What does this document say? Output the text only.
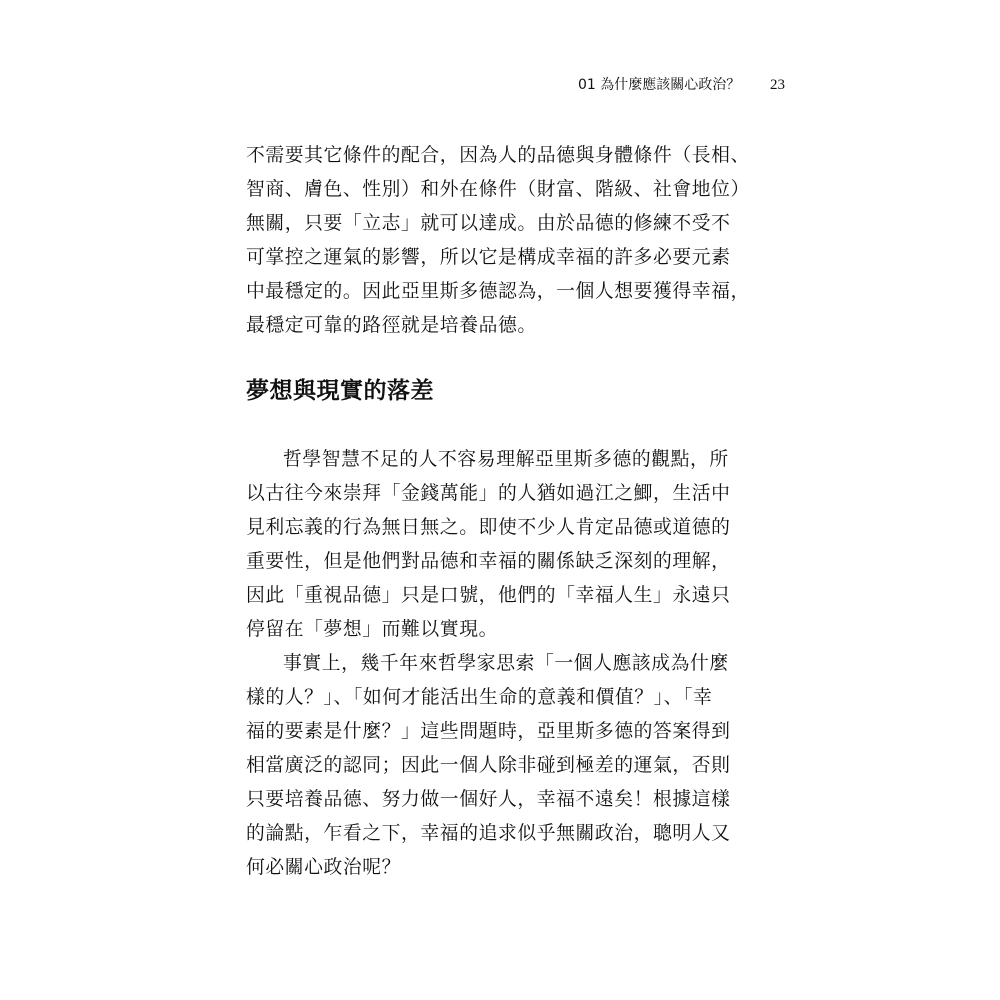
01 為什麼應該關心政治？ 23
不需要其它條件的配合，因為人的品德與身體條件（長相、
智商、膚色、性別）和外在條件（財富、階級、社會地位）
無關，只要「立志」就可以達成。由於品德的修練不受不
可掌控之運氣的影響，所以它是構成幸福的許多必要元素
中最穩定的。因此亞里斯多德認為，一個人想要獲得幸福，
最穩定可靠的路徑就是培養品德。
夢想與現實的落差
哲學智慧不足的人不容易理解亞里斯多德的觀點，所
以古往今來崇拜「金錢萬能」的人猶如過江之鯽，生活中
見利忘義的行為無日無之。即使不少人肯定品德或道德的
重要性，但是他們對品德和幸福的關係缺乏深刻的理解，
因此「重視品德」只是口號，他們的「幸福人生」永遠只
停留在「夢想」而難以實現。
事實上，幾千年來哲學家思索「一個人應該成為什麼
樣的人？」、「如何才能活出生命的意義和價值？」、「幸
福的要素是什麼？」這些問題時，亞里斯多德的答案得到
相當廣泛的認同；因此一個人除非碰到極差的運氣，否則
只要培養品德、努力做一個好人，幸福不遠矣！根據這樣
的論點，乍看之下，幸福的追求似乎無關政治，聰明人又
何必關心政治呢？
